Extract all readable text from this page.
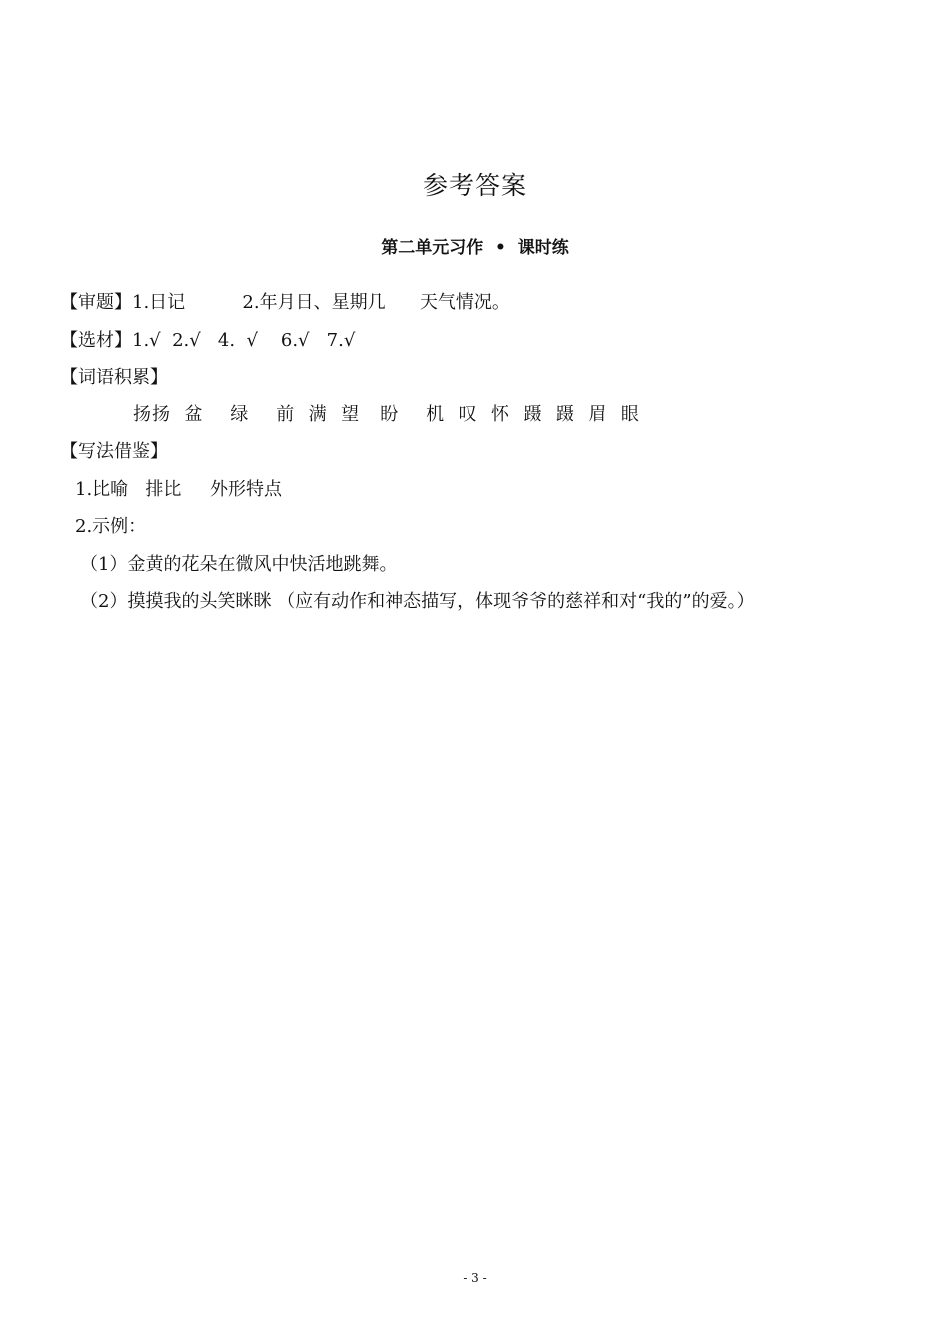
参考答案
第二单元习作  •  课时练
【审题】1.日记          2.年月日、星期几      天气情况。
【选材】1.√  2.√   4.  √    6.√   7.√
【词语积累】
扬扬  盆    绿    前  满  望   盼    机  叹  怀  蹑  蹑  眉  眼
【写法借鉴】
1.比喻   排比     外形特点
2.示例：
（1）金黄的花朵在微风中快活地跳舞。
（2）摸摸我的头笑眯眯 （应有动作和神态描写，体现爷爷的慈祥和对“我的”的爱。）
- 3 -
